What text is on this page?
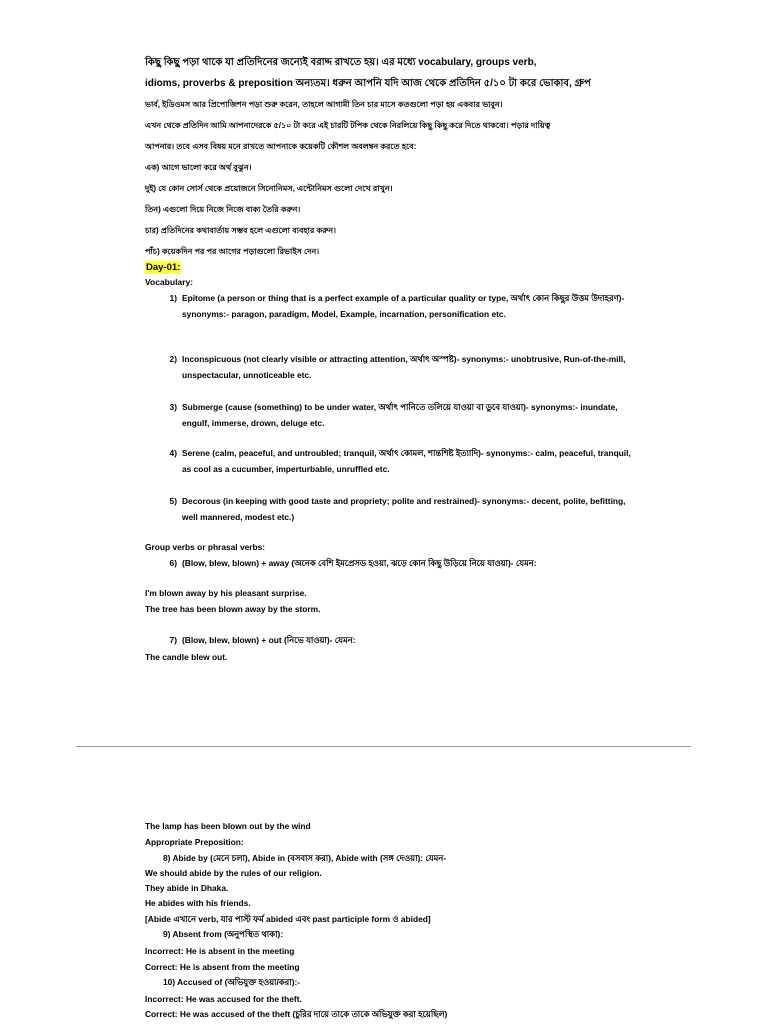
কিছু কিছু পড়া থাকে যা প্রতিদিনের জন্যেই বরাদ্দ রাখতে হয়। এর মধ্যে vocabulary, groups verb,

idioms, proverbs & preposition অন্যতম। ধরুন আপনি যদি আজ থেকে প্রতিদিন ৫/১০ টা করে ভোকাব, গ্রুপ

ভার্ব, ইডিওমস আর প্রিপোজিশন পড়া শুরু করেন, তাহলে আগামী তিন চার মাসে কতগুলো পড়া হয় একবার ভাবুন।

এখন থেকে প্রতিদিন আমি আপনাদেরকে ৫/১০ টা করে এই চারটি টপিক থেকে নিরলিয়ে কিছু কিছু করে দিতে থাকবো। পড়ার দায়িত্ব

আপনার। তবে এসব বিষয় মনে রাখতে আপনাকে কয়েকটি কৌশল অবলম্বন করতে হবে:

এক) আগে ভালো করে অর্থ বুঝুন।

দুই) যে কোন সোর্স থেকে প্রয়োজনে সিনোনিমস, এন্টোনিমস গুলো দেখে রাখুন।

তিন) এগুলো দিয়ে নিজে নিজে বাক্য তৈরি করুন।

চার) প্রতিদিনের কথাবার্তায় সম্ভব হলে এগুলো ব্যবহার করুন।

পাঁচ) কয়েকদিন পর পর আগের পড়াগুলো রিভাইস দেন।

Day-01:
Vocabulary:
1) Epitome (a person or thing that is a perfect example of a particular quality or type, অর্থাৎ কোন কিছুর উত্তম উদাহরণ)- synonyms:- paragon, paradigm, Model, Example, incarnation, personification etc.
2) Inconspicuous (not clearly visible or attracting attention, অর্থাৎ অস্পষ্ট)- synonyms:- unobtrusive, Run-of-the-mill, unspectacular, unnoticeable etc.
3) Submerge (cause (something) to be under water, অর্থাৎ পানিতে তলিয়ে যাওয়া বা ডুবে যাওয়া)- synonyms:- inundate, engulf, immerse, drown, deluge etc.
4) Serene (calm, peaceful, and untroubled; tranquil, অর্থাৎ কোমল, শান্তশিষ্ট ইত্যাদি)- synonyms:- calm, peaceful, tranquil, as cool as a cucumber, imperturbable, unruffled etc.
5) Decorous (in keeping with good taste and propriety; polite and restrained)- synonyms:- decent, polite, befitting, well mannered, modest etc.)
Group verbs or phrasal verbs:
6) (Blow, blew, blown) + away (অনেক বেশি ইমপ্রেসড হওয়া, ঝড়ে কোন কিছু উড়িয়ে নিয়ে যাওয়া)- যেমন:
I'm blown away by his pleasant surprise.
The tree has been blown away by the storm.
7) (Blow, blew, blown) + out (নিভে যাওয়া)- যেমন:
The candle blew out.
The lamp has been blown out by the wind
Appropriate Preposition:
8) Abide by (মেনে চলা), Abide in (বসবাস করা), Abide with (সঙ্গ দেওয়া): যেমন-
We should abide by the rules of our religion.
They abide in Dhaka.
He abides with his friends.
[Abide এখানে verb, যার পাস্ট ফর্ম abided এবং past participle form ও abided]
9) Absent from (অনুপস্থিত থাকা):
Incorrect: He is absent in the meeting
Correct: He is absent from the meeting
10) Accused of (অভিযুক্ত হওয়া/করা):-
Incorrect: He was accused for the theft.
Correct: He was accused of the theft (চুরির দায়ে তাকে তাকে অভিযুক্ত করা হয়েছিল)
